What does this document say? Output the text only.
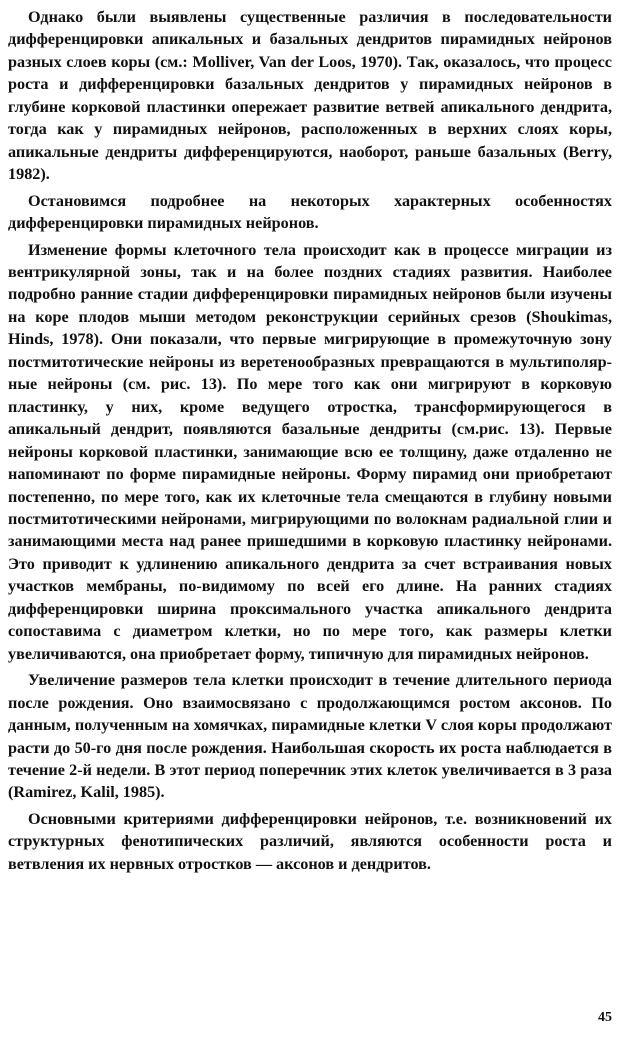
Однако были выявлены существенные различия в последовательности дифференцировки апикальных и базальных дендритов пирамидных нейронов разных слоев коры (см.: Molliver, Van der Loos, 1970). Так, оказалось, что процесс роста и дифференцировки базальных дендритов у пирамидных нейронов в глубине корковой пластинки опережает развитие ветвей апикального дендрита, тогда как у пирамидных нейронов, расположенных в верхних слоях коры, апикальные дендриты дифференцируются, наоборот, раньше базальных (Berry, 1982).

Остановимся подробнее на некоторых характерных особенностях дифференцировки пирамидных нейронов.

Изменение формы клеточного тела происходит как в процессе миграции из вентрикулярной зоны, так и на более поздних стадиях развития. Наиболее подробно ранние стадии дифференцировки пирамидных нейронов были изучены на коре плодов мыши методом реконструкции серийных срезов (Shoukimas, Hinds, 1978). Они показали, что первые мигрирующие в промежуточную зону постмитотические нейроны из веретенообразных превращаются в мультиполярные нейроны (см. рис. 13). По мере того как они мигрируют в корковую пластинку, у них, кроме ведущего отростка, трансформирующегося в апикальный дендрит, появляются базальные дендриты (см.рис. 13). Первые нейроны корковой пластинки, занимающие всю ее толщину, даже отдаленно не напоминают по форме пирамидные нейроны. Форму пирамид они приобретают постепенно, по мере того, как их клеточные тела смещаются в глубину новыми постмитотическими нейронами, мигрирующими по волокнам радиальной глии и занимающими места над ранее пришедшими в корковую пластинку нейронами. Это приводит к удлинению апикального дендрита за счет встраивания новых участков мембраны, по-видимому по всей его длине. На ранних стадиях дифференцировки ширина проксимального участка апикального дендрита сопоставима с диаметром клетки, но по мере того, как размеры клетки увеличиваются, она приобретает форму, типичную для пирамидных нейронов.

Увеличение размеров тела клетки происходит в течение длительного периода после рождения. Оно взаимосвязано с продолжающимся ростом аксонов. По данным, полученным на хомячках, пирамидные клетки V слоя коры продолжают расти до 50-го дня после рождения. Наибольшая скорость их роста наблюдается в течение 2-й недели. В этот период поперечник этих клеток увеличивается в 3 раза (Ramirez, Kalil, 1985).

Основными критериями дифференцировки нейронов, т.е. возникновений их структурных фенотипических различий, являются особенности роста и ветвления их нервных отростков — аксонов и дендритов.

45
